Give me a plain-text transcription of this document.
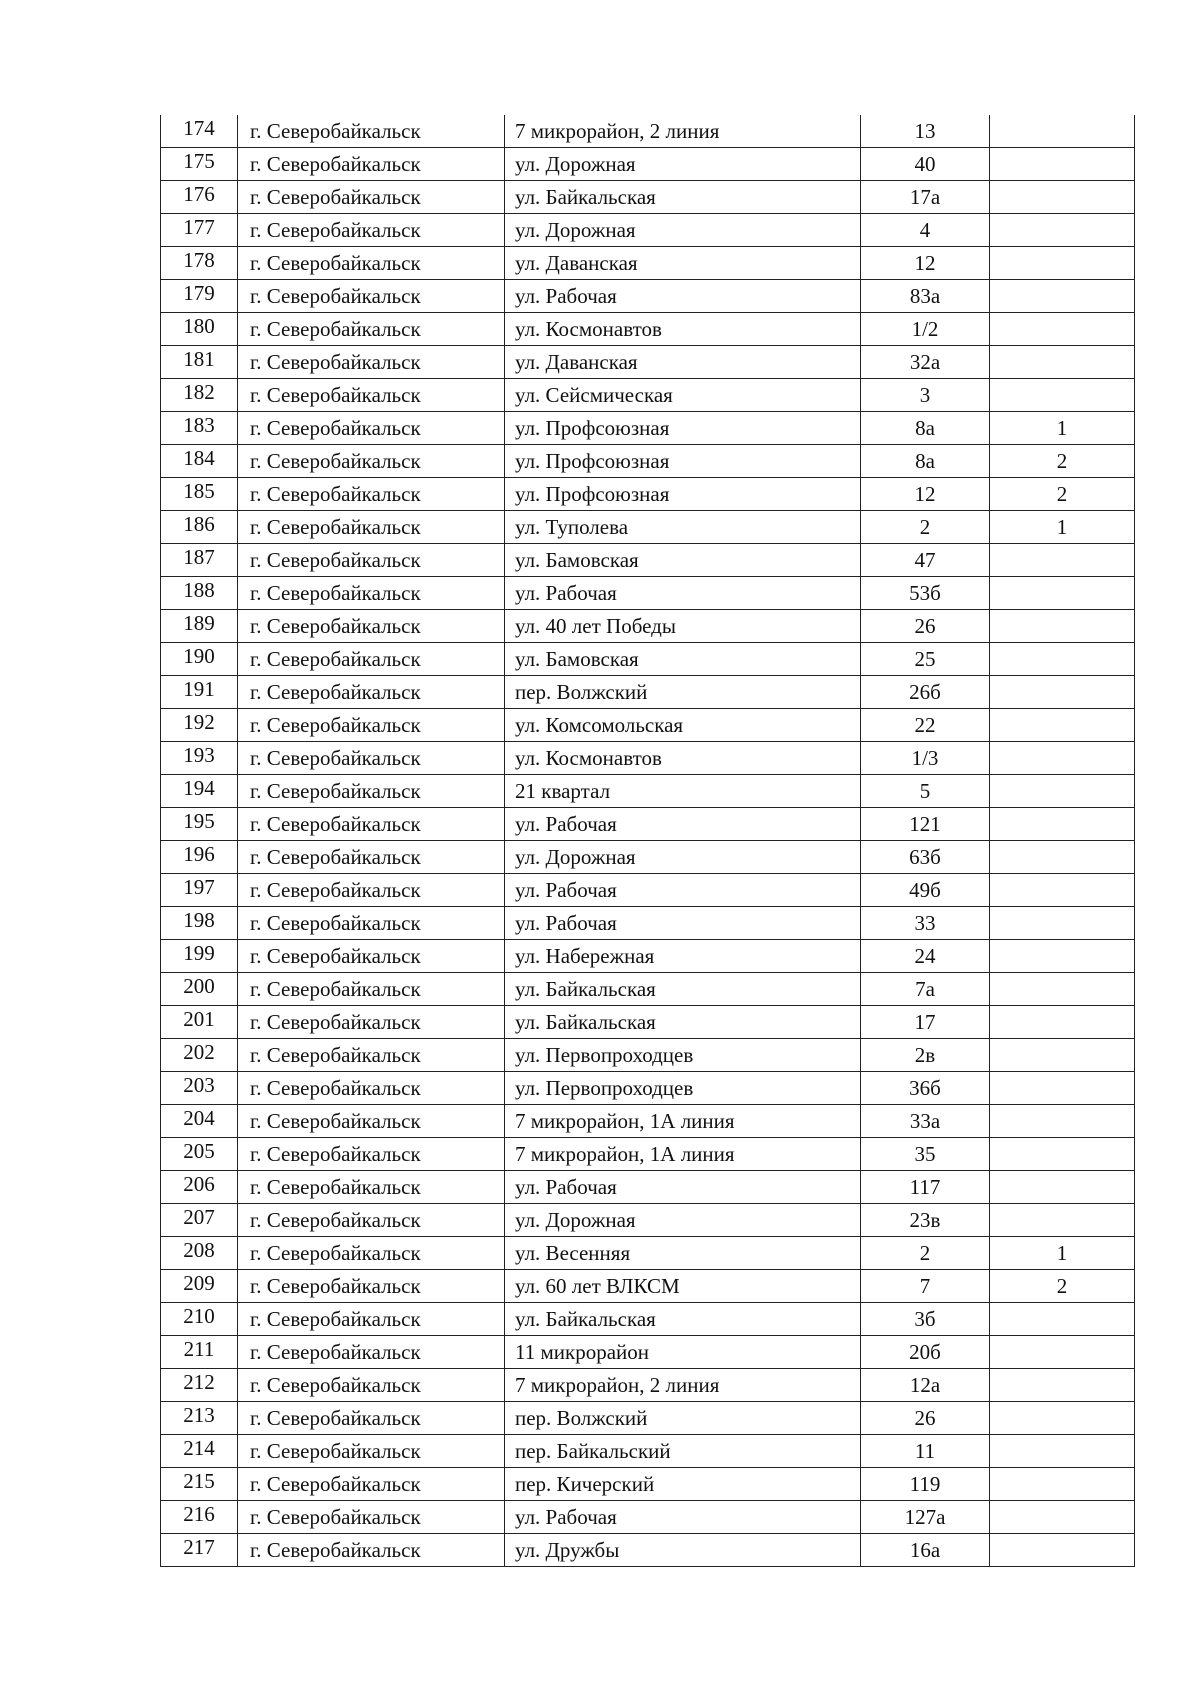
174	г. Северобайкальск	7 микрорайон, 2 линия	13	
175	г. Северобайкальск	ул. Дорожная	40	
176	г. Северобайкальск	ул. Байкальская	17а	
177	г. Северобайкальск	ул. Дорожная	4	
178	г. Северобайкальск	ул. Даванская	12	
179	г. Северобайкальск	ул. Рабочая	83а	
180	г. Северобайкальск	ул. Космонавтов	1/2	
181	г. Северобайкальск	ул. Даванская	32а	
182	г. Северобайкальск	ул. Сейсмическая	3	
183	г. Северобайкальск	ул. Профсоюзная	8а	1
184	г. Северобайкальск	ул. Профсоюзная	8а	2
185	г. Северобайкальск	ул. Профсоюзная	12	2
186	г. Северобайкальск	ул. Туполева	2	1
187	г. Северобайкальск	ул. Бамовская	47	
188	г. Северобайкальск	ул. Рабочая	53б	
189	г. Северобайкальск	ул. 40 лет Победы	26	
190	г. Северобайкальск	ул. Бамовская	25	
191	г. Северобайкальск	пер. Волжский	26б	
192	г. Северобайкальск	ул. Комсомольская	22	
193	г. Северобайкальск	ул. Космонавтов	1/3	
194	г. Северобайкальск	21 квартал	5	
195	г. Северобайкальск	ул. Рабочая	121	
196	г. Северобайкальск	ул. Дорожная	63б	
197	г. Северобайкальск	ул. Рабочая	49б	
198	г. Северобайкальск	ул. Рабочая	33	
199	г. Северобайкальск	ул. Набережная	24	
200	г. Северобайкальск	ул. Байкальская	7а	
201	г. Северобайкальск	ул. Байкальская	17	
202	г. Северобайкальск	ул. Первопроходцев	2в	
203	г. Северобайкальск	ул. Первопроходцев	36б	
204	г. Северобайкальск	7 микрорайон, 1А линия	33а	
205	г. Северобайкальск	7 микрорайон, 1А линия	35	
206	г. Северобайкальск	ул. Рабочая	117	
207	г. Северобайкальск	ул. Дорожная	23в	
208	г. Северобайкальск	ул. Весенняя	2	1
209	г. Северобайкальск	ул. 60 лет ВЛКСМ	7	2
210	г. Северобайкальск	ул. Байкальская	3б	
211	г. Северобайкальск	11 микрорайон	20б	
212	г. Северобайкальск	7 микрорайон, 2 линия	12а	
213	г. Северобайкальск	пер. Волжский	26	
214	г. Северобайкальск	пер. Байкальский	11	
215	г. Северобайкальск	пер. Кичерский	119	
216	г. Северобайкальск	ул. Рабочая	127а	
217	г. Северобайкальск	ул. Дружбы	16а	
